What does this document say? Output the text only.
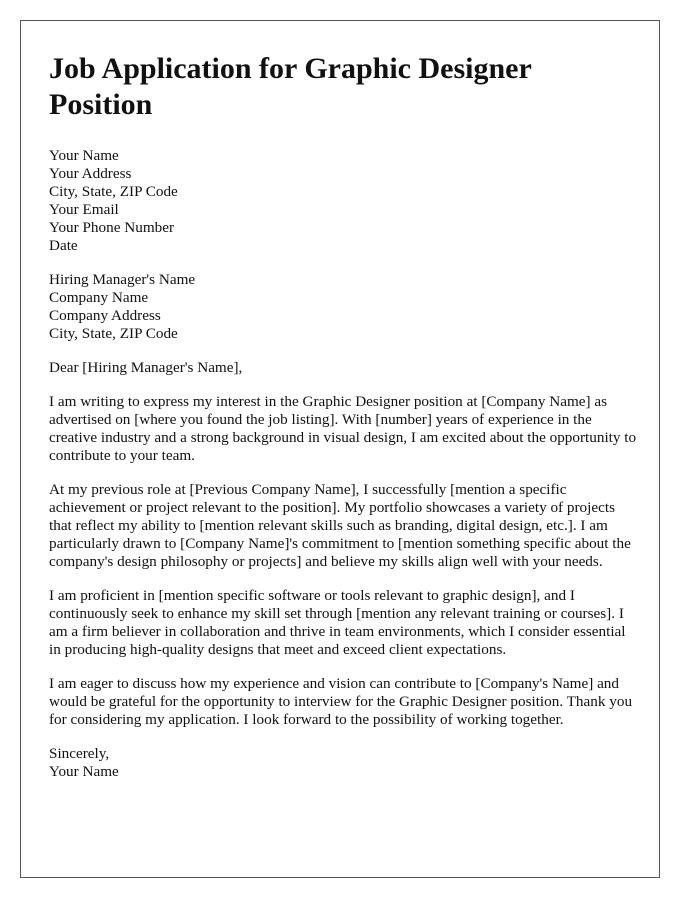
Job Application for Graphic Designer Position
Your Name
Your Address
City, State, ZIP Code
Your Email
Your Phone Number
Date
Hiring Manager's Name
Company Name
Company Address
City, State, ZIP Code

Dear [Hiring Manager's Name],

I am writing to express my interest in the Graphic Designer position at [Company Name] as advertised on [where you found the job listing]. With [number] years of experience in the creative industry and a strong background in visual design, I am excited about the opportunity to contribute to your team.

At my previous role at [Previous Company Name], I successfully [mention a specific achievement or project relevant to the position]. My portfolio showcases a variety of projects that reflect my ability to [mention relevant skills such as branding, digital design, etc.]. I am particularly drawn to [Company Name]'s commitment to [mention something specific about the company's design philosophy or projects] and believe my skills align well with your needs.

I am proficient in [mention specific software or tools relevant to graphic design], and I continuously seek to enhance my skill set through [mention any relevant training or courses]. I am a firm believer in collaboration and thrive in team environments, which I consider essential in producing high-quality designs that meet and exceed client expectations.

I am eager to discuss how my experience and vision can contribute to [Company's Name] and would be grateful for the opportunity to interview for the Graphic Designer position. Thank you for considering my application. I look forward to the possibility of working together.

Sincerely,
Your Name
